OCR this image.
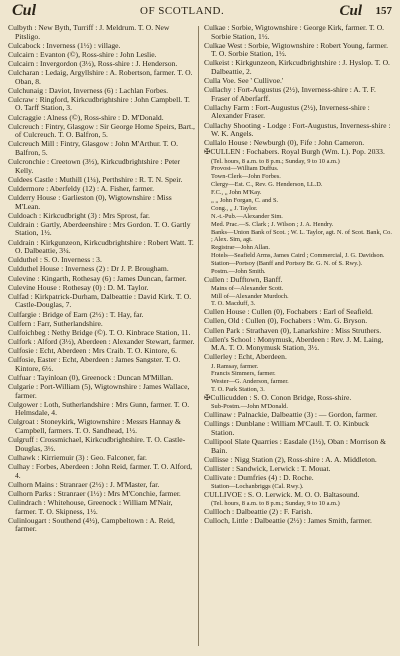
Cul	OF SCOTLAND.	Cul 157
Culbyth : New Byth, Turriff : J. Meldrum. T. O. New Pitsligo.
Culcabock : Inverness (1½) : village.
Culcairn : Evanton (©), Ross-shire : John Leslie.
Culcairn : Invergordon (3½), Ross-shire : J. Henderson.
Culcharan : Ledaig, Argyllshire : A. Robertson, farmer. T. O. Oban, 8.
Culchunaig : Daviot, Inverness (6) : Lachlan Forbes.
Culcraw : Ringford, Kirkcudbrightshire : John Campbell. T. O. Tarff Station, 3.
Culcraggie : Alness (©), Ross-shire : D. M'Donald.
Culcreuch : Fintry, Glasgow : Sir George Home Speirs, Bart., of Culcreuch. T. O. Balfron, 5.
Culcreuch Mill : Fintry, Glasgow : John M'Arthur. T. O. Balfron, 5.
Culcronchie : Creetown (3½), Kirkcudbrightshire : Peter Kelly.
Culdees Castle : Muthill (1¼), Perthshire : R. T. N. Speir.
Culdermore : Aberfeldy (12) : A. Fisher, farmer.
Culderry House : Garlieston (0), Wigtownshire : Miss M'Lean.
Culdoach : Kirkcudbright (3) : Mrs Sprost, far.
Culdrain : Gartly, Aberdeenshire : Mrs Gordon. T. O. Gartly Station, 1½.
Culdrain : Kirkgunzeon, Kirkcudbrightshire : Robert Watt. T. O. Dalbeattie, 3¼.
Culduthel : S. O. Inverness : 3.
Culduthel House : Inverness (2) : Dr J. P. Brougham.
Culevine : Kingarth, Rothesay (6) : James Duncan, farmer.
Culevine House : Rothesay (0) : D. M. Taylor.
Culfad : Kirkpatrick-Durham, Dalbeattie : David Kirk. T. O. Castle-Douglas, 7.
Culfargie : Bridge of Earn (2½) : T. Hay, far.
Culfern : Farr, Sutherlandshire.
Culfoichbeg : Nethy Bridge (©). T. O. Kinbrace Station, 11.
Culfork : Alford (3½), Aberdeen : Alexander Stewart, farmer.
Culfosie : Echt, Aberdeen : Mrs Craib. T. O. Kintore, 6.
Culfosie, Easter : Echt, Aberdeen : James Sangster. T. O. Kintore, 6½.
Culfuar : Tayinloan (0), Greenock : Duncan M'Millan.
Culgarie : Port-William (5), Wigtownshire : James Wallace, farmer.
Culgower : Loth, Sutherlandshire : Mrs Gunn, farmer. T. O. Helmsdale, 4.
Culgroat : Stoneykirk, Wigtownshire : Messrs Hannay & Campbell, farmers. T. O. Sandhead, 1½.
Culgruff : Crossmichael, Kirkcudbrightshire. T. O. Castle-Douglas, 3½.
Culhawk : Kirriemuir (3) : Geo. Falconer, far.
Culhay : Forbes, Aberdeen : John Reid, farmer. T. O. Alford, 4.
Culhorn Mains : Stranraer (2½) : J. M'Master, far.
Culhorn Parks : Stranraer (1½) : Mrs M'Conchie, farmer.
Culindrach : Whitehouse, Greenock : William M'Nair, farmer. T. O. Skipness, 1½.
Culinlougart : Southend (4½), Campbeltown : A. Reid, farmer.
Culkae : Sorbie, Wigtownshire : George Kirk, farmer. T. O. Sorbie Station, 1½.
Culkae West : Sorbie, Wigtownshire : Robert Young, farmer. T. O. Sorbie Station, 1½.
Culkeist : Kirkgunzeon, Kirkcudbrightshire : J. Hyslop. T. O. Dalbeattie, 2.
Culla Voe. See ' Cullivoe.'
Cullachy : Fort-Augustus (2½), Inverness-shire : A. T. F. Fraser of Aberfarff.
Cullachy Farm : Fort-Augustus (2½), Inverness-shire : Alexander Fraser.
Cullachy Shooting - Lodge : Fort-Augustus, Inverness-shire : W. K. Angels.
Cullalo House : Newburgh (0), Fife : John Cameron.
✠CULLEN : Fochabers. Royal Burgh (Wm. I.). Pop. 2033.
(Tel. hours, 8 a.m. to 8 p.m.; Sunday, 9 to 10 a.m.)
Provost—William Duffus.
Town-Clerk—John Forbes.
Clergy—Est. C., Rev. G. Henderson, LL.D.
F.C., „ John M'Kay.
„ „ John Forgan, C. and S.
Cong., „ J. Taylor.
N.-t.-Pub.—Alexander Sim.
Med. Prac.—S. Clark ; J. Wilson ; J. A. Hendry.
Banks—Union Bank of Scot. ; W. L. Taylor, agt. N. of Scot. Bank, Co. ; Alex. Sim, agt.
Registrar—John Allan.
Hotels—Seafield Arms, James Caird ; Commercial, J. G. Davidson.
Station—Portsoy (Banff and Portsoy Br. G. N. of S. Rwy.).
Postm.—John Smith.
Cullen : Dufftown, Banff.
Mains of—Alexander Scott.
Mill of—Alexander Murdoch.
T. O. Macduff, 3.
Cullen House : Cullen (0), Fochabers : Earl of Seafield.
Cullen, Old : Cullen (0), Fochabers : Wm. G. Bryson.
Cullen Park : Strathaven (0), Lanarkshire : Miss Struthers.
Cullen's School : Monymusk, Aberdeen : Rev. J. M. Laing, M.A. T. O. Monymusk Station, 3½.
Cullerley : Echt, Aberdeen.
J. Ramsay, farmer.
Francis Simmers, farmer.
Wester—G. Anderson, farmer.
T. O. Park Station, 3.
✠Cullicudden : S. O. Conon Bridge, Ross-shire.
Sub-Postm.—John M'Donald.
Cullinaw : Palnackie, Dalbeattie (3) : — Gordon, farmer.
Cullings : Dunblane : William M'Caull. T. O. Kinbuck Station.
Cullipool Slate Quarries : Easdale (1½), Oban : Morrison & Bain.
Cullisse : Nigg Station (2), Ross-shire : A. A. Middleton.
Cullister : Sandwick, Lerwick : T. Mouat.
Cullivate : Dumfries (4) : D. Roche.
Station—Lochanbriggs (Cal. Rwy.).
CULLIVOE : S. O. Lerwick. M. O. O. Baltasound.
(Tel. hours, 8 a.m. to 8 p.m.; Sunday, 9 to 10 a.m.)
Cullloch : Dalbeattie (2) : F. Farish.
Culloch, Little : Dalbeattie (2½) : James Smith, farmer.
